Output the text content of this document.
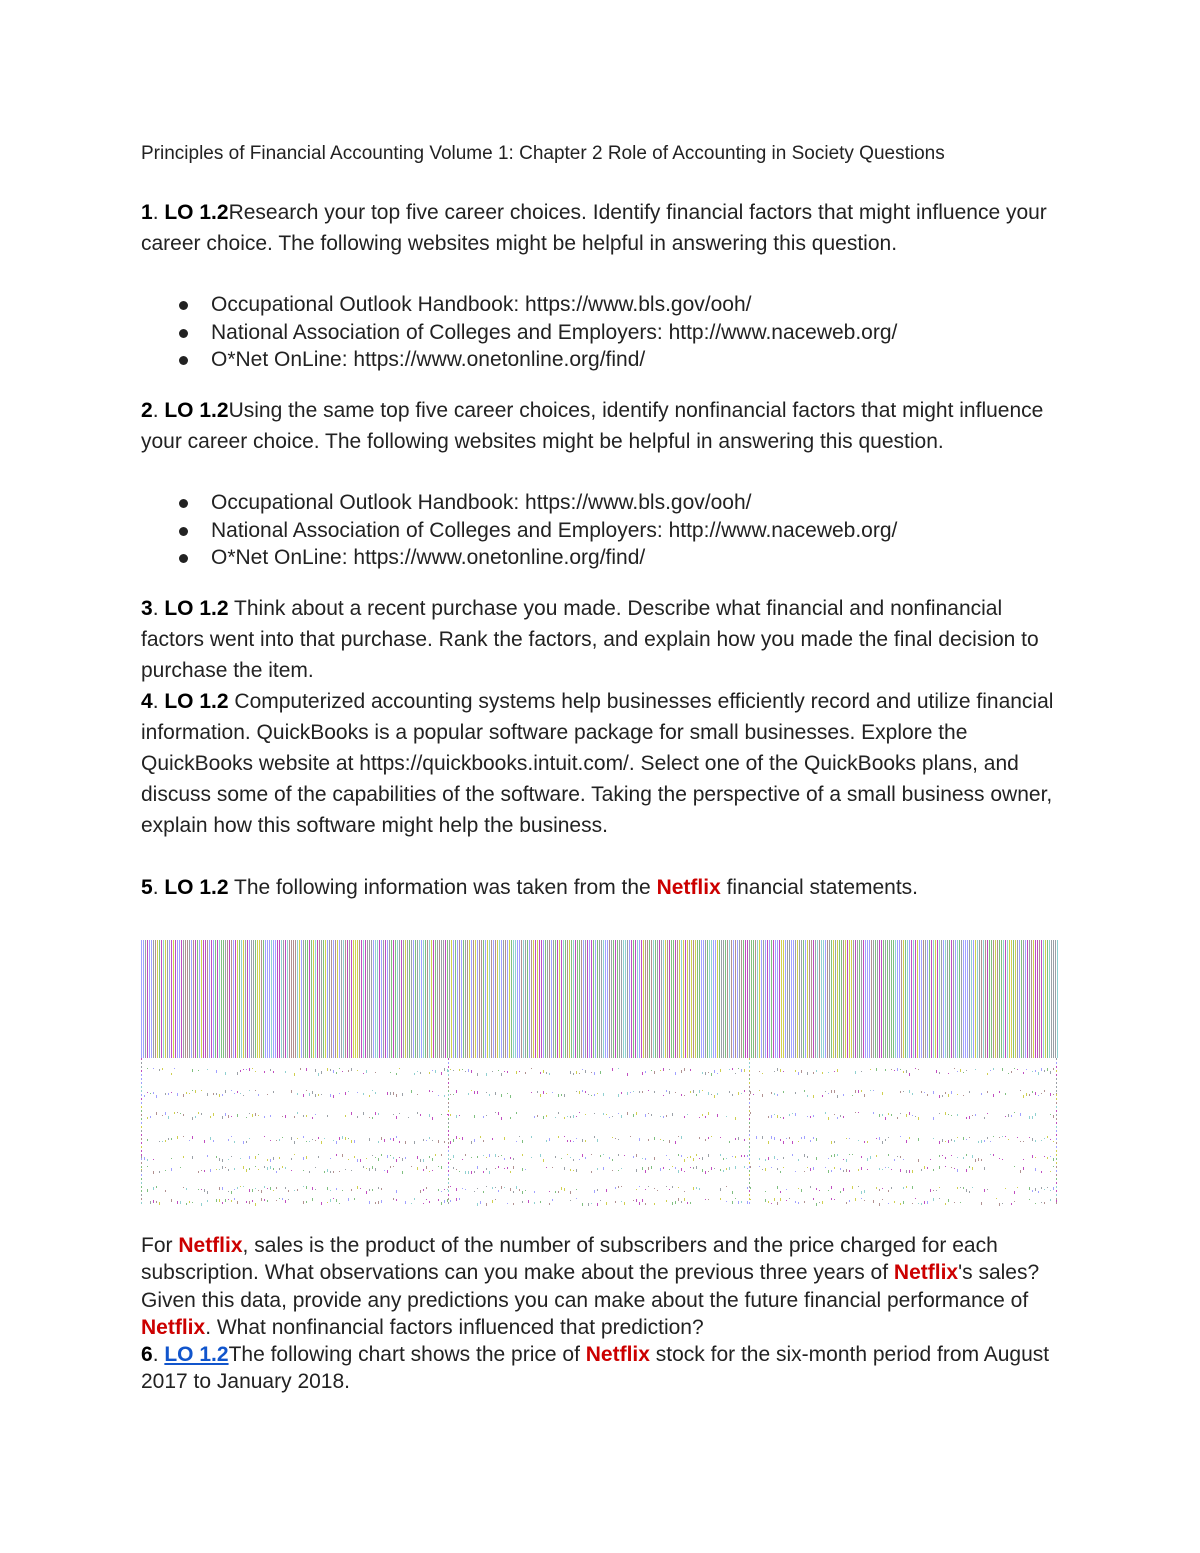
Principles of Financial Accounting Volume 1: Chapter 2 Role of Accounting in Society Questions
1. LO 1.2Research your top five career choices. Identify financial factors that might influence your career choice. The following websites might be helpful in answering this question.
Occupational Outlook Handbook: https://www.bls.gov/ooh/
National Association of Colleges and Employers: http://www.naceweb.org/
O*Net OnLine: https://www.onetonline.org/find/
2. LO 1.2Using the same top five career choices, identify nonfinancial factors that might influence your career choice. The following websites might be helpful in answering this question.
Occupational Outlook Handbook: https://www.bls.gov/ooh/
National Association of Colleges and Employers: http://www.naceweb.org/
O*Net OnLine: https://www.onetonline.org/find/
3. LO 1.2 Think about a recent purchase you made. Describe what financial and nonfinancial factors went into that purchase. Rank the factors, and explain how you made the final decision to purchase the item.
4. LO 1.2 Computerized accounting systems help businesses efficiently record and utilize financial information. QuickBooks is a popular software package for small businesses. Explore the QuickBooks website at https://quickbooks.intuit.com/. Select one of the QuickBooks plans, and discuss some of the capabilities of the software. Taking the perspective of a small business owner, explain how this software might help the business.
5. LO 1.2 The following information was taken from the Netflix financial statements.
For Netflix, sales is the product of the number of subscribers and the price charged for each subscription. What observations can you make about the previous three years of Netflix's sales? Given this data, provide any predictions you can make about the future financial performance of Netflix. What nonfinancial factors influenced that prediction?
6. LO 1.2The following chart shows the price of Netflix stock for the six-month period from August 2017 to January 2018.
